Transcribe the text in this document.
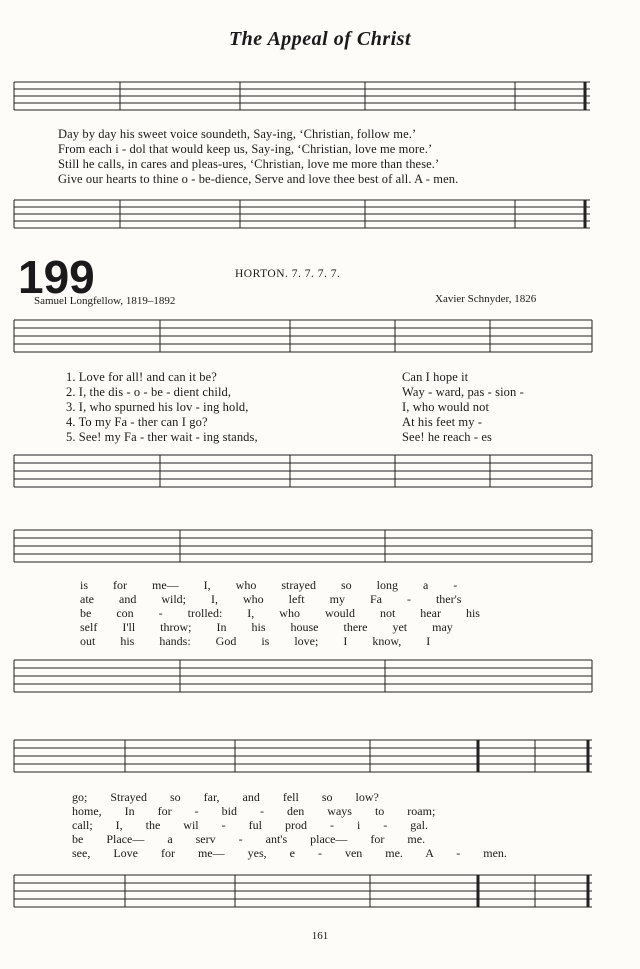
The Appeal of Christ
Day by day his sweet voice soundeth, Say-ing, ‘Christian, follow me.’
From each i - dol that would keep us, Say-ing, ‘Christian, love me more.’
Still he calls, in cares and pleas-ures, ‘Christian, love me more than these.’
Give our hearts to thine o - be-dience, Serve and love thee best of all. A - men.
199	HORTON. 7. 7. 7. 7.
Samuel Longfellow, 1819–1892	Xavier Schnyder, 1826
1. Love for all! and can it be?
2. I, the dis - o - be - dient child,
3. I, who spurned his lov - ing hold,
4. To my Fa - ther can I go?
5. See! my Fa - ther wait - ing stands,
Can I hope it
Way - ward, pas - sion -
I, who would not
At his feet my -
See! he reach - es
is for me— I, who strayed so long a -
ate and wild; I, who left my Fa - ther's
be con - trolled: I, who would not hear his
self I'll throw; In his house there yet may
out his hands: God is love; I know, I
go; Strayed so far, and fell so low?
home, In for - bid - den ways to roam;
call; I, the wil - ful prod - i - gal.
be Place— a serv - ant's place— for me.
see, Love for me— yes, e - ven me. A - men.
161
